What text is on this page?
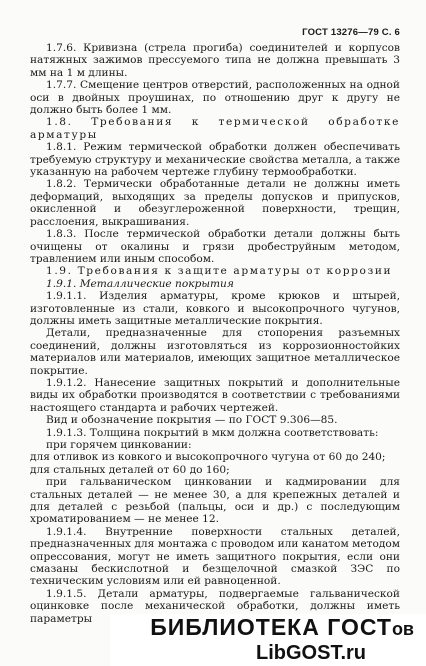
ГОСТ 13276—79 С. 6

1.7.6. Кривизна (стрела прогиба) соединителей и корпусов натяжных зажимов прессуемого типа не должна превышать 3 мм на 1 м длины.

1.7.7. Смещение центров отверстий, расположенных на одной оси в двойных проушинах, по отношению друг к другу не должно быть более 1 мм.

1.8. Требования к термической обработке арматуры

1.8.1. Режим термической обработки должен обеспечивать требуемую структуру и механические свойства металла, а также указанную на рабочем чертеже глубину термообработки.

1.8.2. Термически обработанные детали не должны иметь деформаций, выходящих за пределы допусков и припусков, окисленной и обезуглероженной поверхности, трещин, расслоения, выкрашивания.

1.8.3. После термической обработки детали должны быть очищены от окалины и грязи дробеструйным методом, травлением или иным способом.

1.9. Требования к защите арматуры от коррозии

1.9.1. Металлические покрытия

1.9.1.1. Изделия арматуры, кроме крюков и штырей, изготовленные из стали, ковкого и высокопрочного чугунов, должны иметь защитные металлические покрытия.

Детали, предназначенные для стопорения разъемных соединений, должны изготовляться из коррозионностойких материалов или материалов, имеющих защитное металлическое покрытие.

1.9.1.2. Нанесение защитных покрытий и дополнительные виды их обработки производятся в соответствии с требованиями настоящего стандарта и рабочих чертежей.

Вид и обозначение покрытия — по ГОСТ 9.306—85.

1.9.1.3. Толщина покрытий в мкм должна соответствовать:

при горячем цинковании:

для отливок из ковкого и высокопрочного чугуна от 60 до 240;

для стальных деталей от 60 до 160;

при гальваническом цинковании и кадмировании для стальных деталей — не менее 30, а для крепежных деталей и для деталей с резьбой (пальцы, оси и др.) с последующим хроматированием — не менее 12.

1.9.1.4. Внутренние поверхности стальных деталей, предназначенных для монтажа с проводом или канатом методом опрессования, могут не иметь защитного покрытия, если они смазаны бескислотной и безщелочной смазкой ЗЭС по техническим условиям или ей равноценной.

1.9.1.5. Детали арматуры, подвергаемые гальванической оцинковке после механической обработки, должны иметь параметры	БИБЛИОТЕКА ГОСТов
LibGOST.ru
